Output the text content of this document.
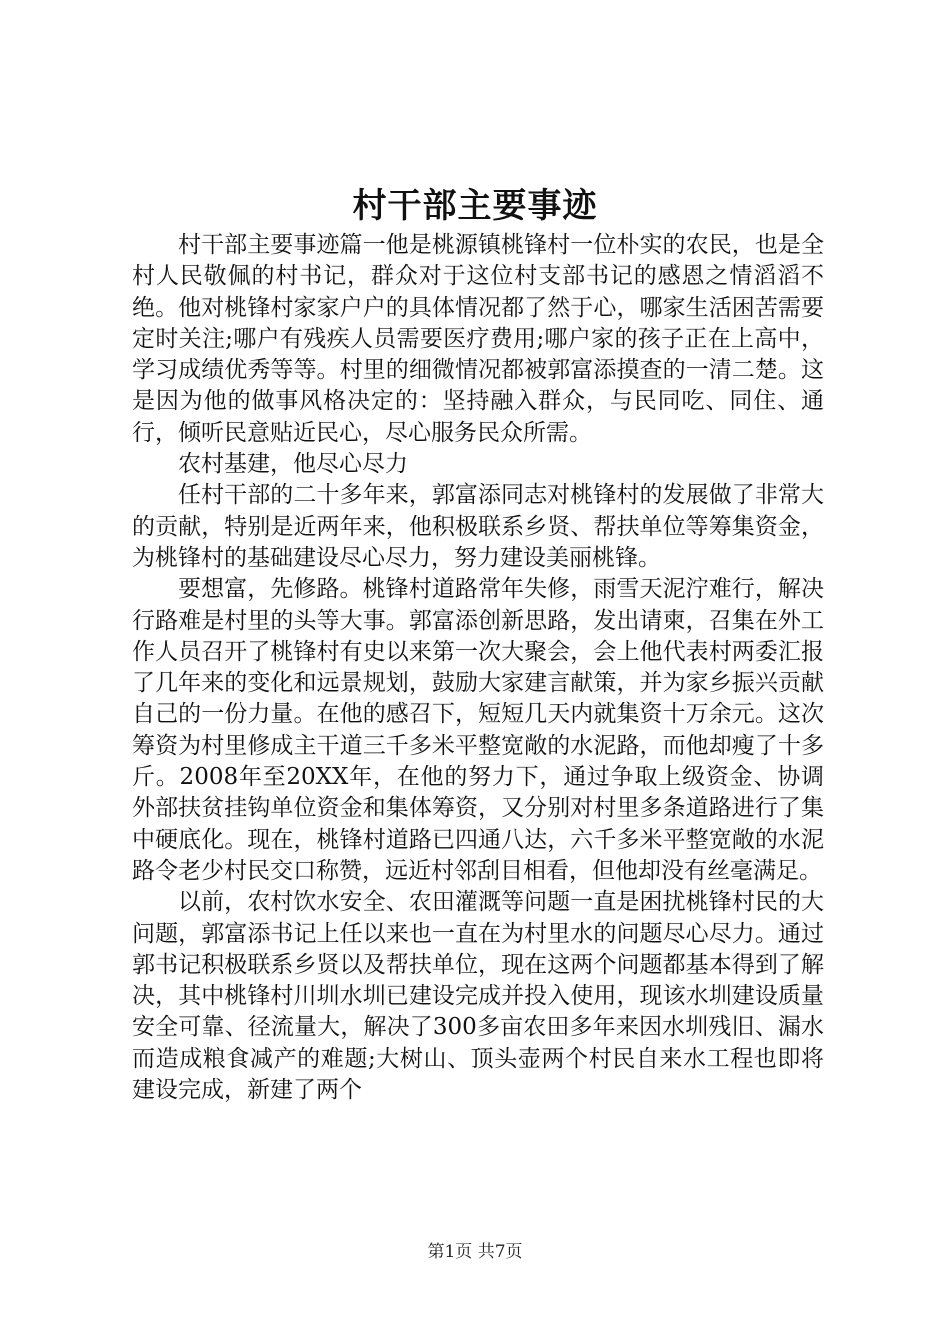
村干部主要事迹

村干部主要事迹篇一他是桃源镇桃锋村一位朴实的农民，也是全村人民敬佩的村书记，群众对于这位村支部书记的感恩之情滔滔不绝。他对桃锋村家家户户的具体情况都了然于心，哪家生活困苦需要定时关注;哪户有残疾人员需要医疗费用;哪户家的孩子正在上高中，学习成绩优秀等等。村里的细微情况都被郭富添摸查的一清二楚。这是因为他的做事风格决定的：坚持融入群众，与民同吃、同住、通行，倾听民意贴近民心，尽心服务民众所需。

农村基建，他尽心尽力

任村干部的二十多年来，郭富添同志对桃锋村的发展做了非常大的贡献，特别是近两年来，他积极联系乡贤、帮扶单位等筹集资金，为桃锋村的基础建设尽心尽力，努力建设美丽桃锋。

要想富，先修路。桃锋村道路常年失修，雨雪天泥泞难行，解决行路难是村里的头等大事。郭富添创新思路，发出请柬，召集在外工作人员召开了桃锋村有史以来第一次大聚会，会上他代表村两委汇报了几年来的变化和远景规划，鼓励大家建言献策，并为家乡振兴贡献自己的一份力量。在他的感召下，短短几天内就集资十万余元。这次筹资为村里修成主干道三千多米平整宽敞的水泥路，而他却瘦了十多斤。2008年至20XX年，在他的努力下，通过争取上级资金、协调外部扶贫挂钩单位资金和集体筹资，又分别对村里多条道路进行了集中硬底化。现在，桃锋村道路已四通八达，六千多米平整宽敞的水泥路令老少村民交口称赞，远近村邻刮目相看，但他却没有丝毫满足。

以前，农村饮水安全、农田灌溉等问题一直是困扰桃锋村民的大问题，郭富添书记上任以来也一直在为村里水的问题尽心尽力。通过郭书记积极联系乡贤以及帮扶单位，现在这两个问题都基本得到了解决，其中桃锋村川圳水圳已建设完成并投入使用，现该水圳建设质量安全可靠、径流量大，解决了300多亩农田多年来因水圳残旧、漏水而造成粮食减产的难题;大树山、顶头壶两个村民自来水工程也即将建设完成，新建了两个

第1页 共7页
